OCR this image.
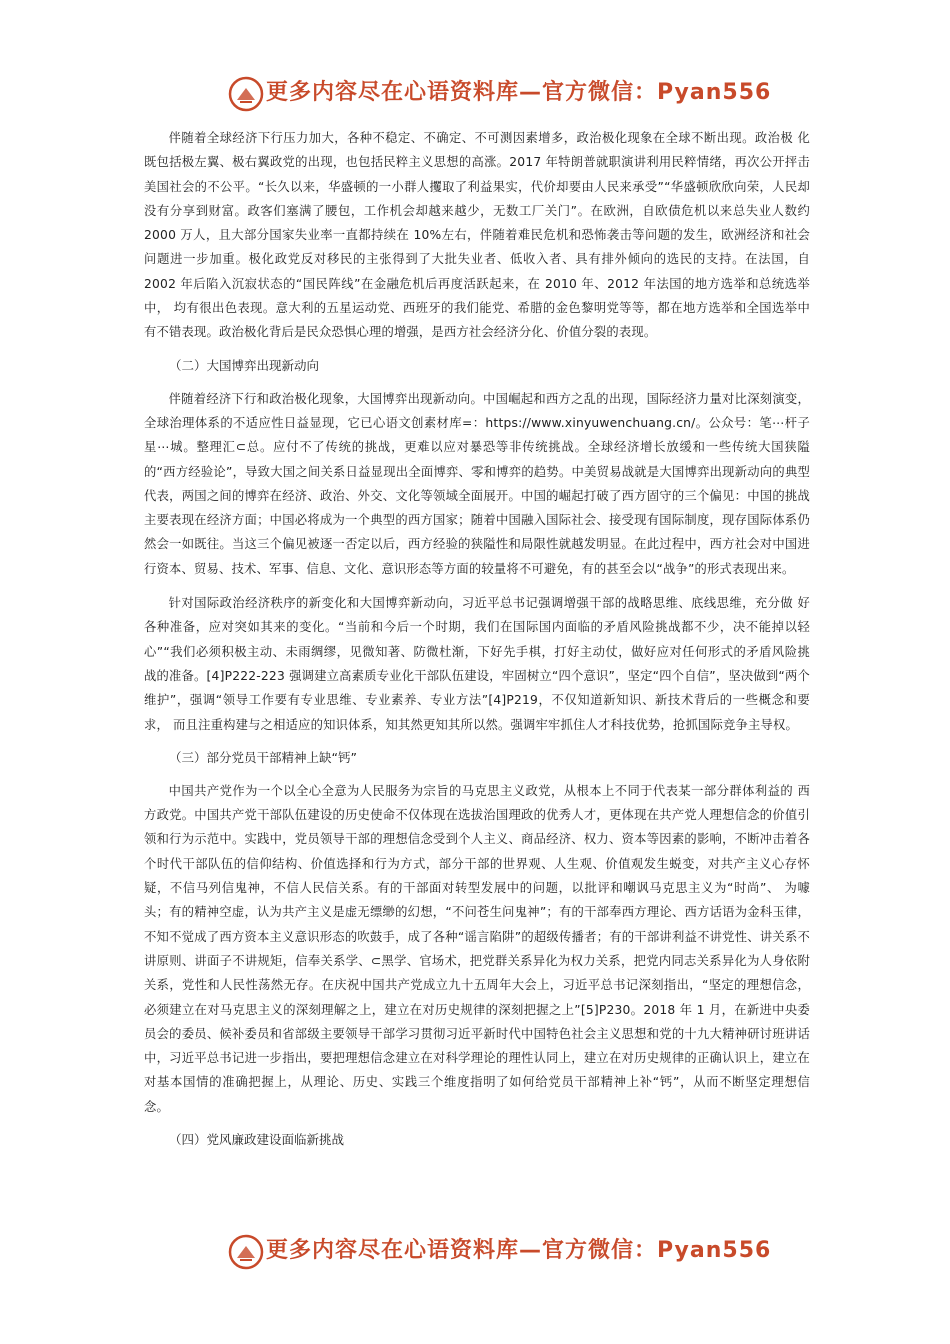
更多内容尽在心语资料库—官方微信：Pyan556

伴随着全球经济下行压力加大，各种不稳定、不确定、不可测因素增多，政治极化现象在全球不断出现。政治极 化既包括极左翼、极右翼政党的出现，也包括民粹主义思想的高涨。2017 年特朗普就职演讲利用民粹情绪，再次公开抨击美国社会的不公平。“长久以来，华盛顿的一小群人攫取了利益果实，代价却要由人民来承受”“华盛顿欣欣向荣，人民却没有分享到财富。政客们塞满了腰包，工作机会却越来越少，无数工厂关门”。在欧洲，自欧债危机以来总失业人数约 2000 万人，且大部分国家失业率一直都持续在 10%左右，伴随着难民危机和恐怖袭击等问题的发生，欧洲经济和社会问题进一步加重。极化政党反对移民的主张得到了大批失业者、低收入者、具有排外倾向的选民的支持。在法国，自 2002 年后陷入沉寂状态的“国民阵线”在金融危机后再度活跃起来，在 2010 年、2012 年法国的地方选举和总统选举中， 均有很出色表现。意大利的五星运动党、西班牙的我们能党、希腊的金色黎明党等等，都在地方选举和全国选举中有不错表现。政治极化背后是民众恐惧心理的增强，是西方社会经济分化、价值分裂的表现。

（二）大国博弈出现新动向

伴随着经济下行和政治极化现象，大国博弈出现新动向。中国崛起和西方之乱的出现，国际经济力量对比深刻演变，全球治理体系的不适应性日益显现，它已心语文创素材库=：https://www.xinyuwenchuang.cn/。公众号：笔⋯杆子星⋯城。整理汇⊂总。应付不了传统的挑战，更难以应对暴恐等非传统挑战。全球经济增长放缓和一些传统大国狭隘的“西方经验论”，导致大国之间关系日益显现出全面博弈、零和博弈的趋势。中美贸易战就是大国博弈出现新动向的典型代表，两国之间的博弈在经济、政治、外交、文化等领域全面展开。中国的崛起打破了西方固守的三个偏见：中国的挑战主要表现在经济方面；中国必将成为一个典型的西方国家；随着中国融入国际社会、接受现有国际制度，现存国际体系仍然会一如既往。当这三个偏见被逐一否定以后，西方经验的狭隘性和局限性就越发明显。在此过程中，西方社会对中国进行资本、贸易、技术、军事、信息、文化、意识形态等方面的较量将不可避免，有的甚至会以“战争”的形式表现出来。

针对国际政治经济秩序的新变化和大国博弈新动向，习近平总书记强调增强干部的战略思维、底线思维，充分做 好各种准备，应对突如其来的变化。“当前和今后一个时期，我们在国际国内面临的矛盾风险挑战都不少，决不能掉以轻心”“我们必须积极主动、未雨绸缪，见微知著、防微杜渐，下好先手棋，打好主动仗，做好应对任何形式的矛盾风险挑 战的准备。[4]P222-223 强调建立高素质专业化干部队伍建设，牢固树立“四个意识”，坚定“四个自信”，坚决做到“两个维护”，强调“领导工作要有专业思维、专业素养、专业方法”[4]P219，不仅知道新知识、新技术背后的一些概念和要求， 而且注重构建与之相适应的知识体系，知其然更知其所以然。强调牢牢抓住人才科技优势，抢抓国际竞争主导权。

（三）部分党员干部精神上缺“钙”

中国共产党作为一个以全心全意为人民服务为宗旨的马克思主义政党，从根本上不同于代表某一部分群体利益的 西方政党。中国共产党干部队伍建设的历史使命不仅体现在选拔治国理政的优秀人才，更体现在共产党人理想信念的价值引领和行为示范中。实践中，党员领导干部的理想信念受到个人主义、商品经济、权力、资本等因素的影响，不断冲击着各个时代干部队伍的信仰结构、价值选择和行为方式，部分干部的世界观、人生观、价值观发生蜕变，对共产主义心存怀疑，不信马列信鬼神，不信人民信关系。有的干部面对转型发展中的问题，以批评和嘲讽马克思主义为“时尚”、 为噱头；有的精神空虚，认为共产主义是虚无缥缈的幻想，“不问苍生问鬼神”；有的干部奉西方理论、西方话语为金科玉律， 不知不觉成了西方资本主义意识形态的吹鼓手，成了各种“谣言陷阱”的超级传播者；有的干部讲利益不讲党性、讲关系不讲原则、讲面子不讲规矩，信奉关系学、⊂黑学、官场术，把党群关系异化为权力关系，把党内同志关系异化为人身依附关系，党性和人民性荡然无存。在庆祝中国共产党成立九十五周年大会上，习近平总书记深刻指出，“坚定的理想信念， 必须建立在对马克思主义的深刻理解之上，建立在对历史规律的深刻把握之上”[5]P230。2018 年 1 月，在新进中央委员会的委员、候补委员和省部级主要领导干部学习贯彻习近平新时代中国特色社会主义思想和党的十九大精神研讨班讲话中，习近平总书记进一步指出，要把理想信念建立在对科学理论的理性认同上，建立在对历史规律的正确认识上，建立在对基本国情的准确把握上，从理论、历史、实践三个维度指明了如何给党员干部精神上补“钙”，从而不断坚定理想信 念。

（四）党风廉政建设面临新挑战
更多内容尽在心语资料库—官方微信：Pyan556
